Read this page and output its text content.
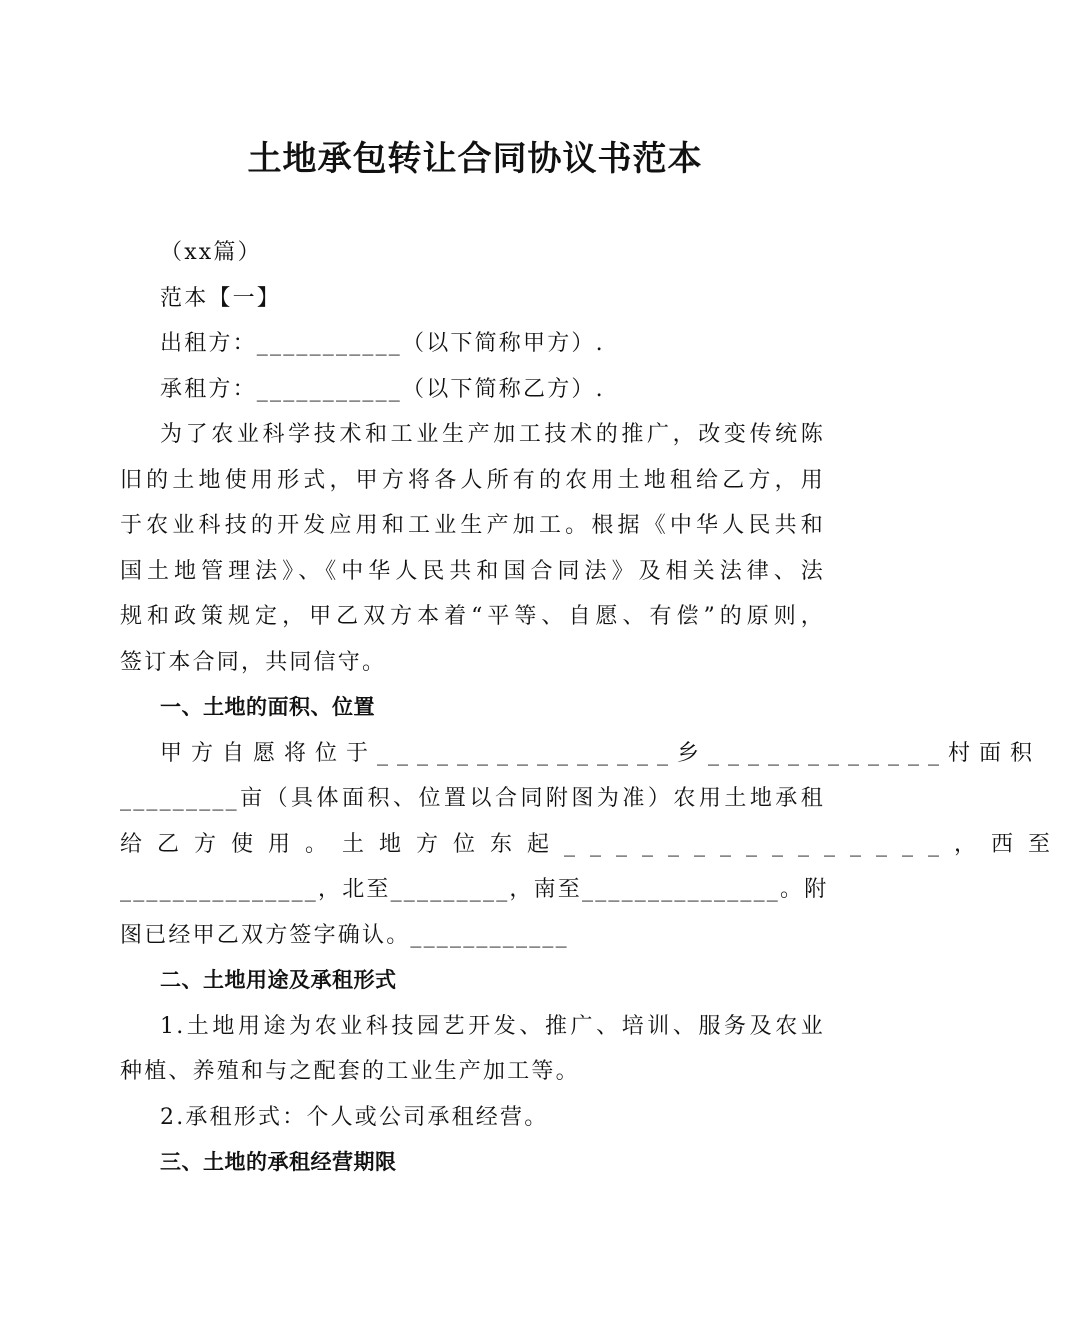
土地承包转让合同协议书范本
（xx篇）
范本【一】
出租方：___________（以下简称甲方）.
承租方：___________（以下简称乙方）.
为了农业科学技术和工业生产加工技术的推广，改变传统陈
旧的土地使用形式，甲方将各人所有的农用土地租给乙方，用
于农业科技的开发应用和工业生产加工。根据《中华人民共和
国土地管理法》、《中华人民共和国合同法》及相关法律、法
规和政策规定，甲乙双方本着“平等、自愿、有偿”的原则，
签订本合同，共同信守。
一、土地的面积、位置
甲方自愿将位于_______________乡____________村面积
_________亩（具体面积、位置以合同附图为准）农用土地承租
给乙方使用。土地方位东起_______________，西至
_______________，北至_________，南至_______________。附
图已经甲乙双方签字确认。____________
二、土地用途及承租形式
1.土地用途为农业科技园艺开发、推广、培训、服务及农业
种植、养殖和与之配套的工业生产加工等。
2.承租形式：个人或公司承租经营。
三、土地的承租经营期限
